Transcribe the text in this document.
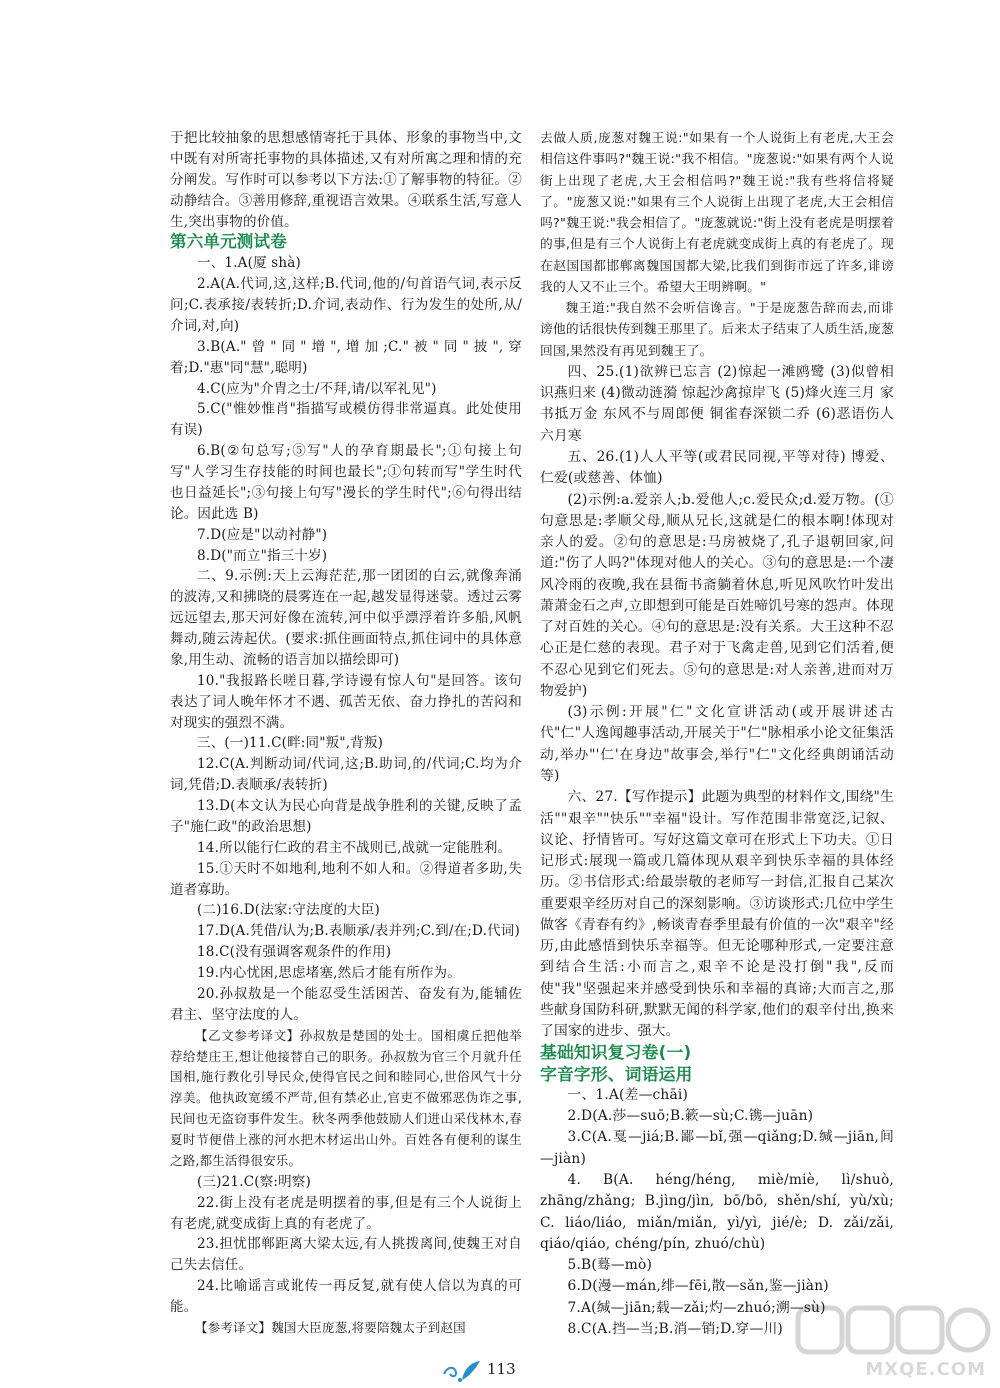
于把比较抽象的思想感情寄托于具体、形象的事物当中,文中既有对所寄托事物的具体描述,又有对所寓之理和情的充分阐发。写作时可以参考以下方法:①了解事物的特征。②动静结合。③善用修辞,重视语言效果。④联系生活,写意人生,突出事物的价值。

第六单元测试卷

一、1.A(厦 shà)

2.A(A.代词,这,这样;B.代词,他的/句首语气词,表示反问;C.表承接/表转折;D.介词,表动作、行为发生的处所,从/介词,对,向)

3.B(A."曾"同"增",增加;C."被"同"披",穿着;D."惠"同"慧",聪明)

4.C(应为"介胄之士/不拜,请/以军礼见")

5.C("惟妙惟肖"指描写或模仿得非常逼真。此处使用有误)

6.B(②句总写;⑤写"人的孕育期最长";①句接上句写"人学习生存技能的时间也最长";①句转而写"学生时代也日益延长";③句接上句写"漫长的学生时代";⑥句得出结论。因此选 B)

7.D(应是"以动衬静")

8.D("而立"指三十岁)

二、9.示例:天上云海茫茫,那一团团的白云,就像奔涌的波涛,又和拂晓的晨雾连在一起,越发显得迷蒙。透过云雾远远望去,那天河好像在流转,河中似乎漂浮着许多船,风帆舞动,随云涛起伏。(要求:抓住画面特点,抓住词中的具体意象,用生动、流畅的语言加以描绘即可)

10."我报路长嗟日暮,学诗谩有惊人句"是回答。该句表达了词人晚年怀才不遇、孤苦无依、奋力挣扎的苦闷和对现实的强烈不满。

三、(一)11.C(畔:同"叛",背叛)

12.C(A.判断动词/代词,这;B.助词,的/代词;C.均为介词,凭借;D.表顺承/表转折)

13.D(本文认为民心向背是战争胜利的关键,反映了孟子"施仁政"的政治思想)

14.所以能行仁政的君主不战则已,战就一定能胜利。

15.①天时不如地利,地利不如人和。②得道者多助,失道者寡助。

(二)16.D(法家:守法度的大臣)

17.D(A.凭借/认为;B.表顺承/表并列;C.到/在;D.代词)

18.C(没有强调客观条件的作用)

19.内心忧困,思虑堵塞,然后才能有所作为。

20.孙叔敖是一个能忍受生活困苦、奋发有为,能辅佐君主、坚守法度的人。

【乙文参考译文】孙叔敖是楚国的处士。国相虞丘把他举荐给楚庄王,想让他接替自己的职务。孙叔敖为官三个月就升任国相,施行教化引导民众,使得官民之间和睦同心,世俗风气十分淳美。他执政宽缓不严苛,但有禁必止,官吏不做邪恶伪诈之事,民间也无盗窃事件发生。秋冬两季他鼓励人们进山采伐林木,春夏时节便借上涨的河水把木材运出山外。百姓各有便利的谋生之路,都生活得很安乐。

(三)21.C(察:明察)

22.街上没有老虎是明摆着的事,但是有三个人说街上有老虎,就变成街上真的有老虎了。

23.担忧邯郸距离大梁太远,有人挑拨离间,使魏王对自己失去信任。

24.比喻谣言或讹传一再反复,就有使人信以为真的可能。

【参考译文】魏国大臣庞葱,将要陪魏太子到赵国

去做人质,庞葱对魏王说:"如果有一个人说街上有老虎,大王会相信这件事吗?"魏王说:"我不相信。"庞葱说:"如果有两个人说街上出现了老虎,大王会相信吗?"魏王说:"我有些将信将疑了。"庞葱又说:"如果有三个人说街上出现了老虎,大王会相信吗?"魏王说:"我会相信了。"庞葱就说:"街上没有老虎是明摆着的事,但是有三个人说街上有老虎就变成街上真的有老虎了。现在赵国国都邯郸离魏国国都大梁,比我们到街市远了许多,诽谤我的人又不止三个。希望大王明辨啊。"

魏王道:"我自然不会听信谗言。"于是庞葱告辞而去,而诽谤他的话很快传到魏王那里了。后来太子结束了人质生活,庞葱回国,果然没有再见到魏王了。

四、25.(1)欲辨已忘言 (2)惊起一滩鸥鹭 (3)似曾相识燕归来 (4)微动涟漪 惊起沙禽掠岸飞 (5)烽火连三月 家书抵万金 东风不与周郎便 铜雀春深锁二乔 (6)恶语伤人六月寒

五、26.(1)人人平等(或君民同视,平等对待) 博爱、仁爱(或慈善、体恤)

(2)示例:a.爱亲人;b.爱他人;c.爱民众;d.爱万物。(①句意思是:孝顺父母,顺从兄长,这就是仁的根本啊!体现对亲人的爱。②句的意思是:马房被烧了,孔子退朝回家,问道:"伤了人吗?"体现对他人的关心。③句的意思是:一个凄风冷雨的夜晚,我在县衙书斋躺着休息,听见风吹竹叶发出萧萧金石之声,立即想到可能是百姓啼饥号寒的怨声。体现了对百姓的关心。④句的意思是:没有关系。大王这种不忍心正是仁慈的表现。君子对于飞禽走兽,见到它们活着,便不忍心见到它们死去。⑤句的意思是:对人亲善,进而对万物爱护)

(3)示例:开展"仁"文化宣讲活动(或开展讲述古代"仁"人逸闻趣事活动,开展关于"仁"脉相承小论文征集活动,举办"'仁'在身边"故事会,举行"仁"文化经典朗诵活动等)

六、27.【写作提示】此题为典型的材料作文,围绕"生活""艰辛""快乐""幸福"设计。写作范围非常宽泛,记叙、议论、抒情皆可。写好这篇文章可在形式上下功夫。①日记形式:展现一篇或几篇体现从艰辛到快乐幸福的具体经历。②书信形式:给最崇敬的老师写一封信,汇报自己某次重要艰辛经历对自己的深刻影响。③访谈形式:几位中学生做客《青春有约》,畅谈青春季里最有价值的一次"艰辛"经历,由此感悟到快乐幸福等。但无论哪种形式,一定要注意到结合生活:小而言之,艰辛不论是没打倒"我",反而使"我"坚强起来并感受到快乐和幸福的真谛;大而言之,那些献身国防科研,默默无闻的科学家,他们的艰辛付出,换来了国家的进步、强大。

基础知识复习卷(一)

字音字形、词语运用

一、1.A(差—chāi)

2.D(A.莎—suō;B.簌—sù;C.镌—juān)

3.C(A.戛—jiá;B.鄙—bǐ,强—qiǎng;D.缄—jiān,间—jiàn)

4. B(A. héng/héng, miè/miè, lì/shuò, zhāng/zhǎng; B.jìng/jìn, bō/bō, shěn/shí, yù/xù; C. liáo/liáo, miǎn/miǎn, yì/yì, jié/è; D. zǎi/zǎi, qiáo/qiáo, chéng/pín, zhuó/chù)

5.B(蓦—mò)

6.D(漫—mán,绯—fēi,散—sǎn,鉴—jiàn)

7.A(缄—jiān;载—zǎi;灼—zhuó;溯—sù)

8.C(A.挡—当;B.消—销;D.穿—川)

113	MXQE.COM
